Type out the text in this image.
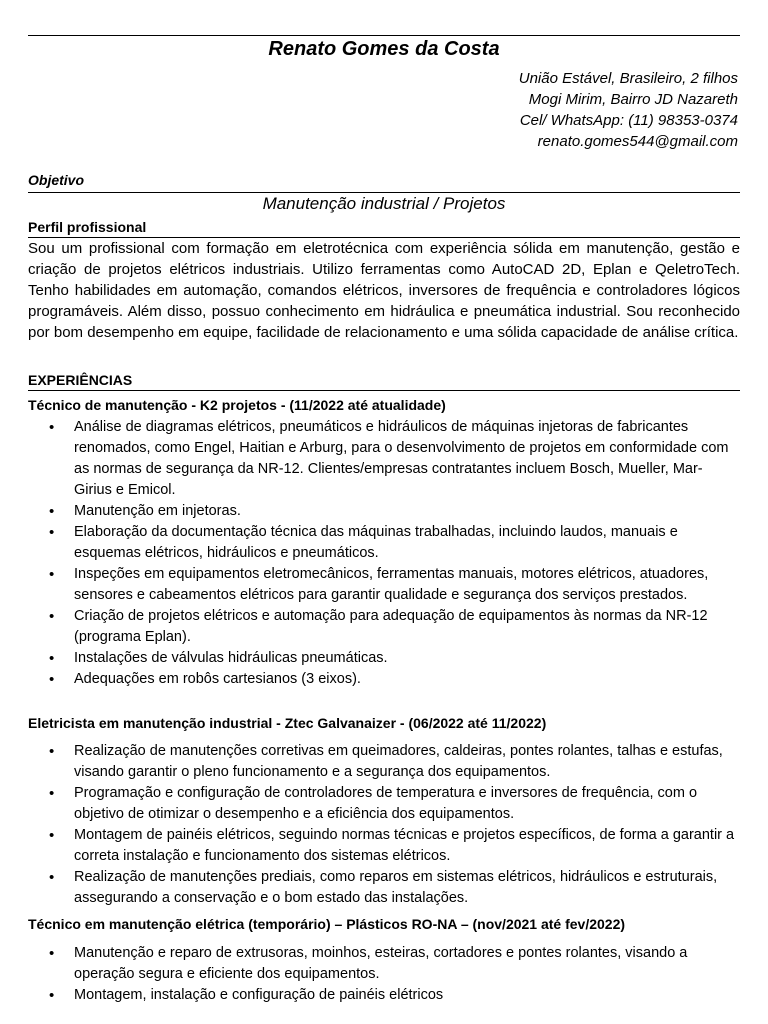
Renato Gomes da Costa
União Estável, Brasileiro, 2 filhos
Mogi Mirim, Bairro JD Nazareth
Cel/ WhatsApp: (11) 98353-0374
renato.gomes544@gmail.com
Objetivo
Manutenção industrial / Projetos
Perfil profissional

Sou um profissional com formação em eletrotécnica com experiência sólida em manutenção, gestão e criação de projetos elétricos industriais. Utilizo ferramentas como AutoCAD 2D, Eplan e QeletroTech. Tenho habilidades em automação, comandos elétricos, inversores de frequência e controladores lógicos programáveis. Além disso, possuo conhecimento em hidráulica e pneumática industrial. Sou reconhecido por bom desempenho em equipe, facilidade de relacionamento e uma sólida capacidade de análise crítica.

EXPERIÊNCIAS
Técnico de manutenção - K2 projetos - (11/2022 até atualidade)
• Análise de diagramas elétricos, pneumáticos e hidráulicos de máquinas injetoras de fabricantes renomados, como Engel, Haitian e Arburg, para o desenvolvimento de projetos em conformidade com as normas de segurança da NR-12. Clientes/empresas contratantes incluem Bosch, Mueller, Mar-Girius e Emicol.
• Manutenção em injetoras.
• Elaboração da documentação técnica das máquinas trabalhadas, incluindo laudos, manuais e esquemas elétricos, hidráulicos e pneumáticos.
• Inspeções em equipamentos eletromecânicos, ferramentas manuais, motores elétricos, atuadores, sensores e cabeamentos elétricos para garantir qualidade e segurança dos serviços prestados.
• Criação de projetos elétricos e automação para adequação de equipamentos às normas da NR-12 (programa Eplan).
• Instalações de válvulas hidráulicas pneumáticas.
• Adequações em robôs cartesianos (3 eixos).
Eletricista em manutenção industrial - Ztec Galvanaizer - (06/2022 até 11/2022)
• Realização de manutenções corretivas em queimadores, caldeiras, pontes rolantes, talhas e estufas, visando garantir o pleno funcionamento e a segurança dos equipamentos.
• Programação e configuração de controladores de temperatura e inversores de frequência, com o objetivo de otimizar o desempenho e a eficiência dos equipamentos.
• Montagem de painéis elétricos, seguindo normas técnicas e projetos específicos, de forma a garantir a correta instalação e funcionamento dos sistemas elétricos.
• Realização de manutenções prediais, como reparos em sistemas elétricos, hidráulicos e estruturais, assegurando a conservação e o bom estado das instalações.
Técnico em manutenção elétrica (temporário) – Plásticos RO-NA – (nov/2021 até fev/2022)
• Manutenção e reparo de extrusoras, moinhos, esteiras, cortadores e pontes rolantes, visando a operação segura e eficiente dos equipamentos.
• Montagem, instalação e configuração de painéis elétricos
